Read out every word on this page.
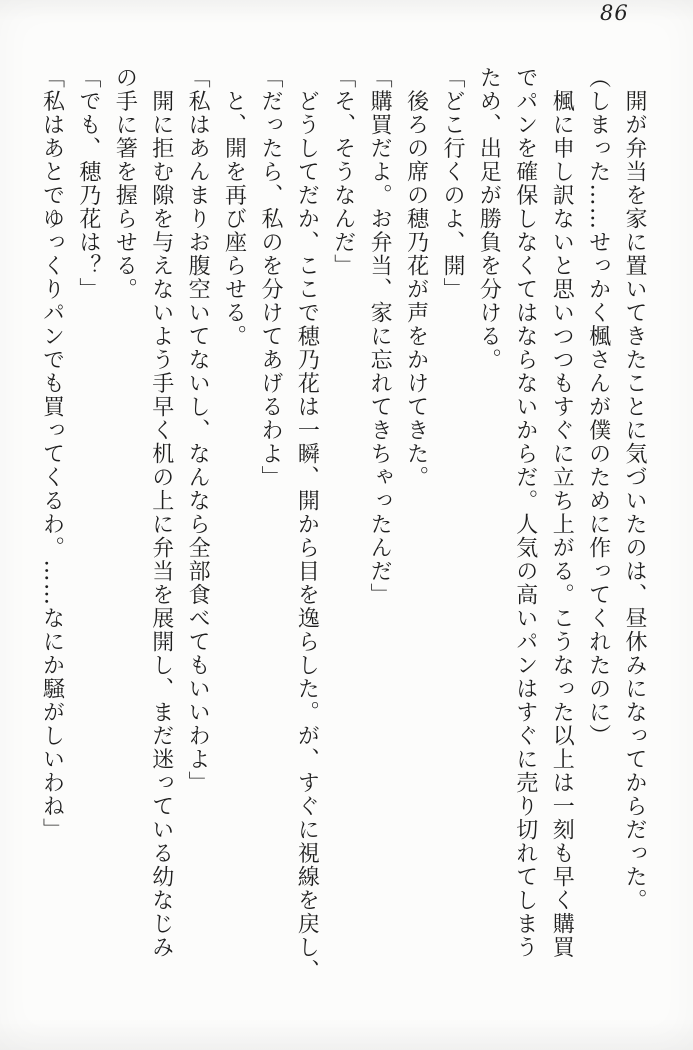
86

　開が弁当を家に置いてきたことに気づいたのは、昼休みになってからだった。

（しまった……せっかく楓さんが僕のために作ってくれたのに）

　楓に申し訳ないと思いつつもすぐに立ち上がる。こうなった以上は一刻も早く購買

でパンを確保しなくてはならないからだ。人気の高いパンはすぐに売り切れてしまう

ため、出足が勝負を分ける。

「どこ行くのよ、開」

　後ろの席の穂乃花が声をかけてきた。

「購買だよ。お弁当、家に忘れてきちゃったんだ」

「そ、そうなんだ」

　どうしてだか、ここで穂乃花は一瞬、開から目を逸らした。が、すぐに視線を戻し、

「だったら、私のを分けてあげるわよ」

　と、開を再び座らせる。

「私はあんまりお腹空いてないし、なんなら全部食べてもいいわよ」

　開に拒む隙を与えないよう手早く机の上に弁当を展開し、まだ迷っている幼なじみ

の手に箸を握らせる。

「でも、穂乃花は？」

「私はあとでゆっくりパンでも買ってくるわ。……なにか騒がしいわね」
